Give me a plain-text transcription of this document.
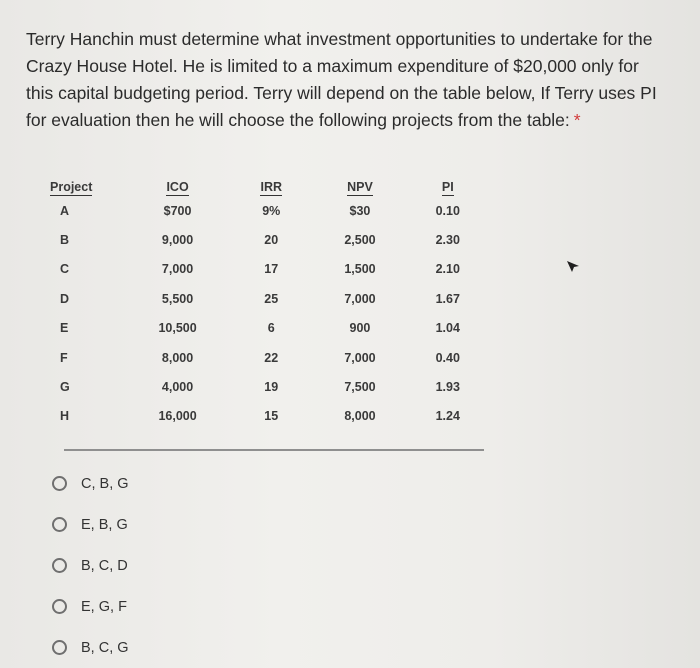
Terry Hanchin must determine what investment opportunities to undertake for the Crazy House Hotel. He is limited to a maximum expenditure of $20,000 only for this capital budgeting period. Terry will depend on the table below, If Terry uses PI for evaluation then he will choose the following projects from the table: *
Project	ICO	IRR	NPV	PI
A	$700	9%	$30	0.10
B	9,000	20	2,500	2.30
C	7,000	17	1,500	2.10
D	5,500	25	7,000	1.67
E	10,500	6	900	1.04
F	8,000	22	7,000	0.40
G	4,000	19	7,500	1.93
H	16,000	15	8,000	1.24
C, B, G
E, B, G
B, C, D
E, G, F
B, C, G
